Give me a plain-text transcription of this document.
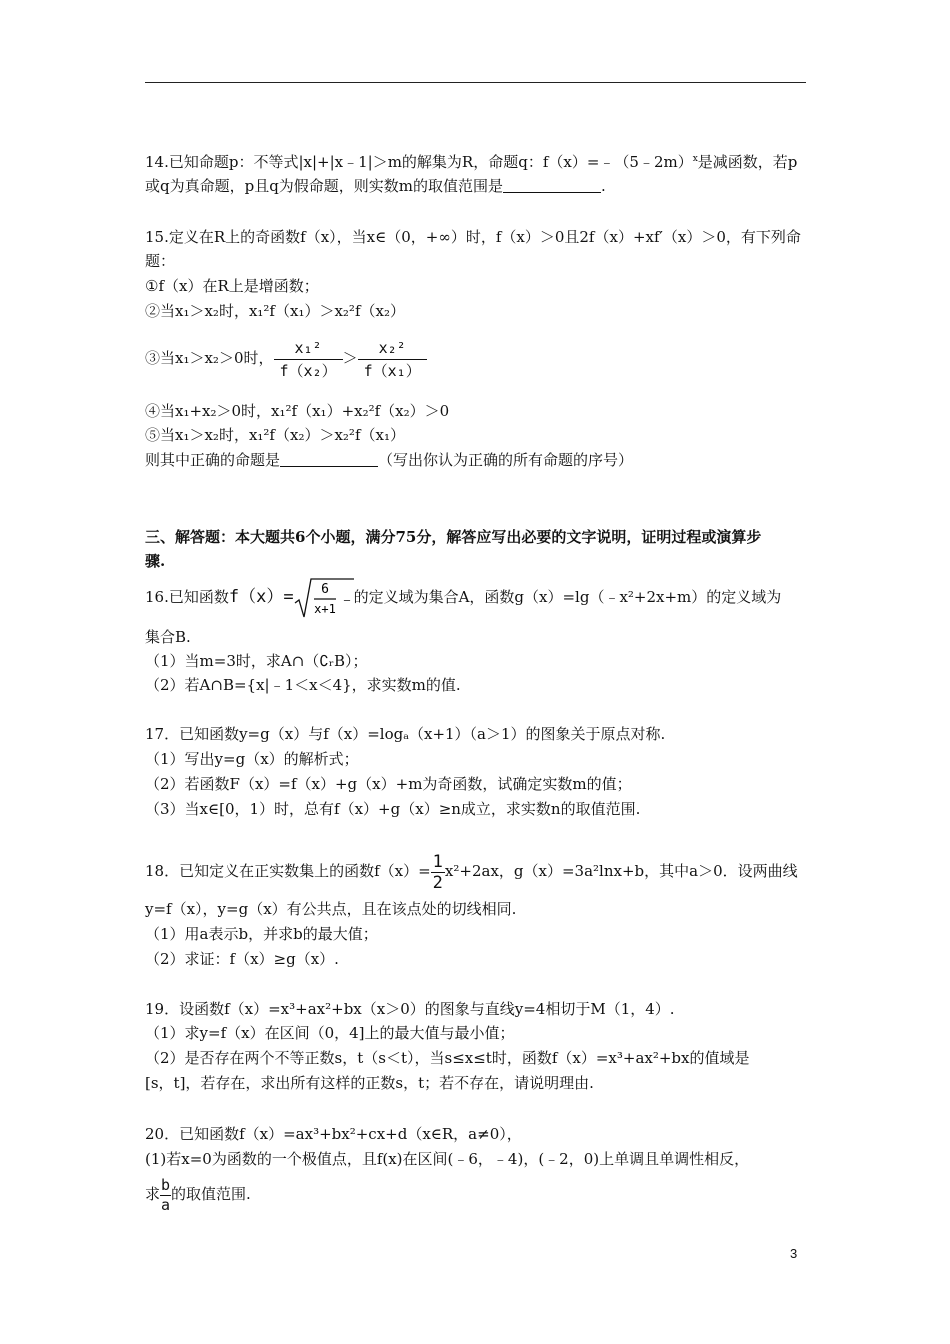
14.已知命题p：不等式|x|+|x﹣1|＞m的解集为R，命题q：f（x）=﹣（5﹣2m）$^x$是减函数，若p
或q为真命题，p且q为假命题，则实数m的取值范围是	.
15.定义在R上的奇函数f（x），当x∈（0，+∞）时，f（x）＞0且2f（x）+xf′（x）＞0，有下列命
题：
①f（x）在R上是增函数；
②当x₁＞x₂时，x₁²f（x₁）＞x₂²f（x₂）
③当x₁＞x₂＞0时， $\frac{\text{x₁²}}{\text{f（x₂）}} > \frac{\text{x₂²}}{\text{f（x₁）}}$
④当x₁+x₂＞0时，x₁²f（x₁）+x₂²f（x₂）＞0
⑤当x₁＞x₂时，x₁²f（x₂）＞x₂²f（x₁）
则其中正确的命题是	（写出你认为正确的所有命题的序号）
三、解答题：本大题共6个小题，满分75分，解答应写出必要的文字说明，证明过程或演算步
骤.
16.已知函数f（x）= 6
x+1
﹣
的定义域为集合A，函数g（x）=lg（﹣x²+2x+m）的定义域为
集合B.
（1）当m=3时，求A∩（∁ᵣB）；
（2）若A∩B={x|﹣1＜x＜4}，求实数m的值.
17．已知函数y=g（x）与f（x）=logₐ（x+1）（a＞1）的图象关于原点对称.
（1）写出y=g（x）的解析式；
（2）若函数F（x）=f（x）+g（x）+m为奇函数，试确定实数m的值；
（3）当x∈[0，1）时，总有f（x）+g（x）≥n成立，求实数n的取值范围.
18．已知定义在正实数集上的函数$f(x)= \frac{1}{2} x^2+2ax$，g（x）=3a²lnx+b，其中a＞0．设两曲线
y=f（x），y=g（x）有公共点，且在该点处的切线相同.
（1）用a表示b，并求b的最大值；
（2）求证：f（x）≥g（x）.
19．设函数f（x）=x³+ax²+bx（x＞0）的图象与直线y=4相切于M（1，4）.
（1）求y=f（x）在区间（0，4]上的最大值与最小值；
（2）是否存在两个不等正数s，t（s＜t），当s≤x≤t时，函数f（x）=x³+ax²+bx的值域是
[s，t]，若存在，求出所有这样的正数s，t；若不存在，请说明理由.
20．已知函数f（x）=ax³+bx²+cx+d（x∈R，a≠0），
(1)若x=0为函数的一个极值点，且f(x)在区间(﹣6，﹣4)，(﹣2，0)上单调且单调性相反，
求 $\frac{b}{a}$ 的取值范围.
3
